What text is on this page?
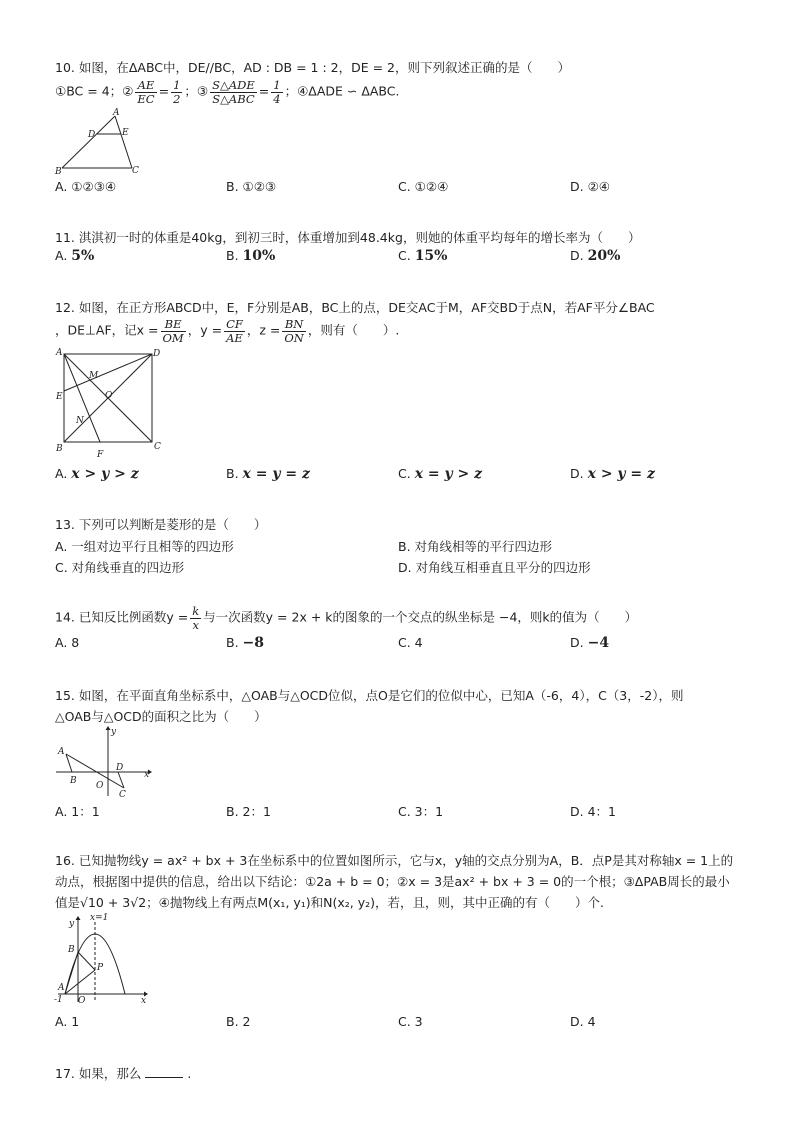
10. 如图，在ΔABC中，DE//BC，AD : DB = 1 : 2，DE = 2，则下列叙述正确的是（　　）
①BC = 4；② $\frac{AE}{EC} = \frac{1}{2}$ ；③ $\frac{\text{S△ADE}}{\text{S△ABC}} = \frac{1}{4}$ ；④ΔADE ∽ ΔABC.
A
D	E
B	C
A. ①②③④	B. ①②③	C. ①②④	D. ②④
11. 淇淇初一时的体重是40kg，到初三时，体重增加到48.4kg，则她的体重平均每年的增长率为（　　）
A. 5%	B. 10%	C. 15%	D. 20%
12. 如图，在正方形ABCD中，E，F分别是AB，BC上的点，DE交AC于M，AF交BD于点N，若AF平分∠BAC
，DE⊥AF，记$x = \frac{BE}{OM}$ ，$y = \frac{CF}{AE}$ ，$z = \frac{BN}{ON}$ ，则有（　　）.
A	D
B	C
E
F
M
N
O
A. x > y > z	B. x = y = z	C. x = y > z	D. x > y = z
13. 下列可以判断是菱形的是（　　）
A. 一组对边平行且相等的四边形	B. 对角线相等的平行四边形
C. 对角线垂直的四边形	D. 对角线互相垂直且平分的四边形
14. 已知反比例函数$y = \frac{k}{x}$ 与一次函数y = 2x + k的图象的一个交点的纵坐标是 −4，则k的值为（　　）
A. 8	B. −8	C. 4	D. −4
15. 如图，在平面直角坐标系中，△OAB与△OCD位似，点O是它们的位似中心，已知A（-6，4），C（3，-2），则
△OAB与△OCD的面积之比为（　　）
A
B O
D
C
x
y
A. 1：1	B. 2：1	C. 3：1	D. 4：1
16. 已知抛物线y = ax² + bx + 3在坐标系中的位置如图所示，它与x，y轴的交点分别为A，B．点P是其对称轴x = 1上的
动点，根据图中提供的信息，给出以下结论：①2a + b = 0；②x = 3是ax² + bx + 3 = 0的一个根；③ΔPAB周长的最小
值是√10 + 3√2；④抛物线上有两点M(x₁, y₁)和N(x₂, y₂)，若，且，则，其中正确的有（　　）个.
x=1
y
B
P
A
-1 O	x
A. 1	B. 2	C. 3	D. 4
17. 如果，那么	.
